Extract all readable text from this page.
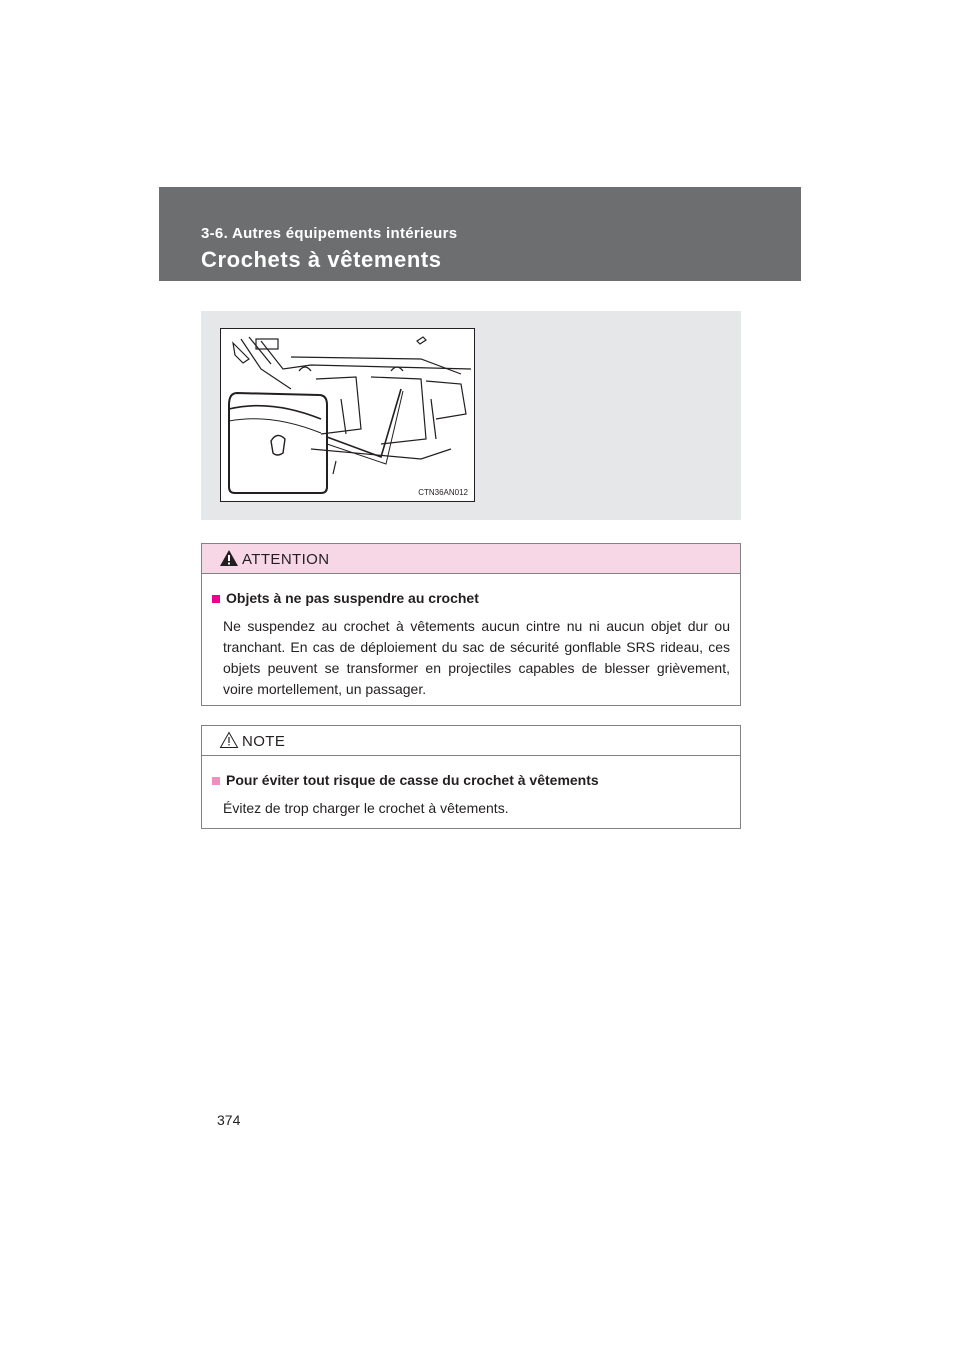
3-6. Autres équipements intérieurs
Crochets à vêtements
CTN36AN012
ATTENTION
Objets à ne pas suspendre au crochet
Ne suspendez au crochet à vêtements aucun cintre nu ni aucun objet dur ou tranchant. En cas de déploiement du sac de sécurité gonflable SRS rideau, ces objets peuvent se transformer en projectiles capables de blesser grièvement, voire mortellement, un passager.
NOTE
Pour éviter tout risque de casse du crochet à vêtements
Évitez de trop charger le crochet à vêtements.
374
